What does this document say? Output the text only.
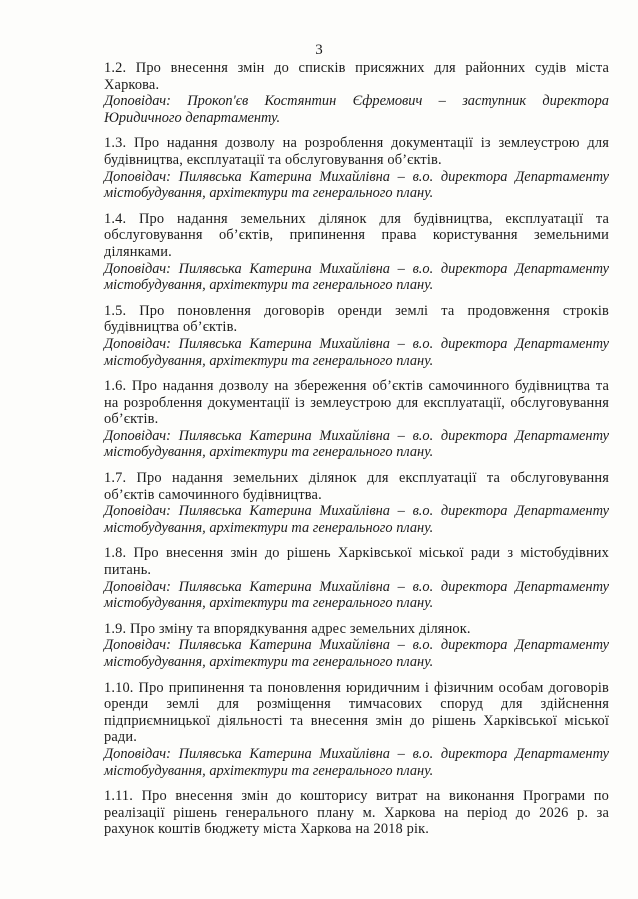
3

1.2. Про внесення змін до списків присяжних для районних судів міста Харкова.

Доповідач: Прокоп'єв Костянтин Єфремович – заступник директора Юридичного департаменту.

1.3. Про надання дозволу на розроблення документації із землеустрою для будівництва, експлуатації та обслуговування об’єктів.

Доповідач: Пилявська Катерина Михайлівна – в.о. директора Департаменту містобудування, архітектури та генерального плану.

1.4. Про надання земельних ділянок для будівництва, експлуатації та обслуговування об’єктів, припинення права користування земельними ділянками.

Доповідач: Пилявська Катерина Михайлівна – в.о. директора Департаменту містобудування, архітектури та генерального плану.

1.5. Про поновлення договорів оренди землі та продовження строків будівництва об’єктів.

Доповідач: Пилявська Катерина Михайлівна – в.о. директора Департаменту містобудування, архітектури та генерального плану.

1.6. Про надання дозволу на збереження об’єктів самочинного будівництва та на розроблення документації із землеустрою для експлуатації, обслуговування об’єктів.

Доповідач: Пилявська Катерина Михайлівна – в.о. директора Департаменту містобудування, архітектури та генерального плану.

1.7. Про надання земельних ділянок для експлуатації та обслуговування об’єктів самочинного будівництва.

Доповідач: Пилявська Катерина Михайлівна – в.о. директора Департаменту містобудування, архітектури та генерального плану.

1.8. Про внесення змін до рішень Харківської міської ради з містобудівних питань.

Доповідач: Пилявська Катерина Михайлівна – в.о. директора Департаменту містобудування, архітектури та генерального плану.

1.9. Про зміну та впорядкування адрес земельних ділянок.

Доповідач: Пилявська Катерина Михайлівна – в.о. директора Департаменту містобудування, архітектури та генерального плану.

1.10. Про припинення та поновлення юридичним і фізичним особам договорів оренди землі для розміщення тимчасових споруд для здійснення підприємницької діяльності та внесення змін до рішень Харківської міської ради.

Доповідач: Пилявська Катерина Михайлівна – в.о. директора Департаменту містобудування, архітектури та генерального плану.

1.11. Про внесення змін до кошторису витрат на виконання Програми по реалізації рішень генерального плану м. Харкова на період до 2026 р. за рахунок коштів бюджету міста Харкова на 2018 рік.
